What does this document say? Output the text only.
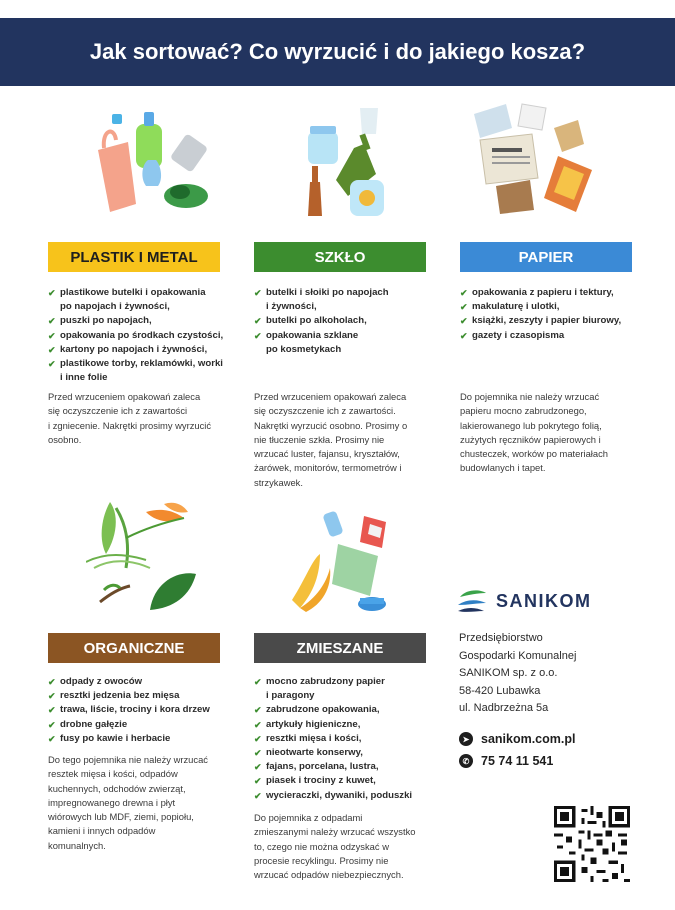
Jak sortować? Co wyrzucić i do jakiego kosza?
PLASTIK I METAL	SZKŁO	PAPIER
ORGANICZNE	ZMIESZANE
✔ plastikowe butelki i opakowania
po napojach i żywności,
✔ puszki po napojach,
✔ opakowania po środkach czystości,
✔ kartony po napojach i żywności,
✔ plastikowe torby, reklamówki, worki
i inne folie
✔ butelki i słoiki po napojach
i żywności,
✔ butelki po alkoholach,
✔ opakowania szklane
po kosmetykach
✔ opakowania z papieru i tektury,
✔ makulaturę i ulotki,
✔ książki, zeszyty i papier biurowy,
✔ gazety i czasopisma
✔ odpady z owoców
✔ resztki jedzenia bez mięsa
✔ trawa, liście, trociny i kora drzew
✔ drobne gałęzie
✔ fusy po kawie i herbacie
✔ mocno zabrudzony papier
i paragony
✔ zabrudzone opakowania,
✔ artykuły higieniczne,
✔ resztki mięsa i kości,
✔ nieotwarte konserwy,
✔ fajans, porcelana, lustra,
✔ piasek i trociny z kuwet,
✔ wycieraczki, dywaniki, poduszki
Przed wrzuceniem opakowań zaleca
się oczyszczenie ich z zawartości
i zgniecenie. Nakrętki prosimy wyrzucić
osobno.
Przed wrzuceniem opakowań zaleca
się oczyszczenie ich z zawartości.
Nakrętki wyrzucić osobno. Prosimy o
nie tłuczenie szkła. Prosimy nie
wrzucać luster, fajansu, kryształów,
żarówek, monitorów, termometrów i
strzykawek.
Do pojemnika nie należy wrzucać
papieru mocno zabrudzonego,
lakierowanego lub pokrytego folią,
zużytych ręczników papierowych i
chusteczek, worków po materiałach
budowlanych i tapet.
Do tego pojemnika nie należy wrzucać
resztek mięsa i kości, odpadów
kuchennych, odchodów zwierząt,
impregnowanego drewna i płyt
wiórowych lub MDF, ziemi, popiołu,
kamieni i innych odpadów
komunalnych.
Do pojemnika z odpadami
zmieszanymi należy wrzucać wszystko
to, czego nie można odzyskać w
procesie recyklingu. Prosimy nie
wrzucać odpadów niebezpiecznych.
SANIKOM
Przedsiębiorstwo
Gospodarki Komunalnej
SANIKOM sp. z o.o.
58-420 Lubawka
ul. Nadbrzeżna 5a
➤ sanikom.com.pl
✆ 75 74 11 541
